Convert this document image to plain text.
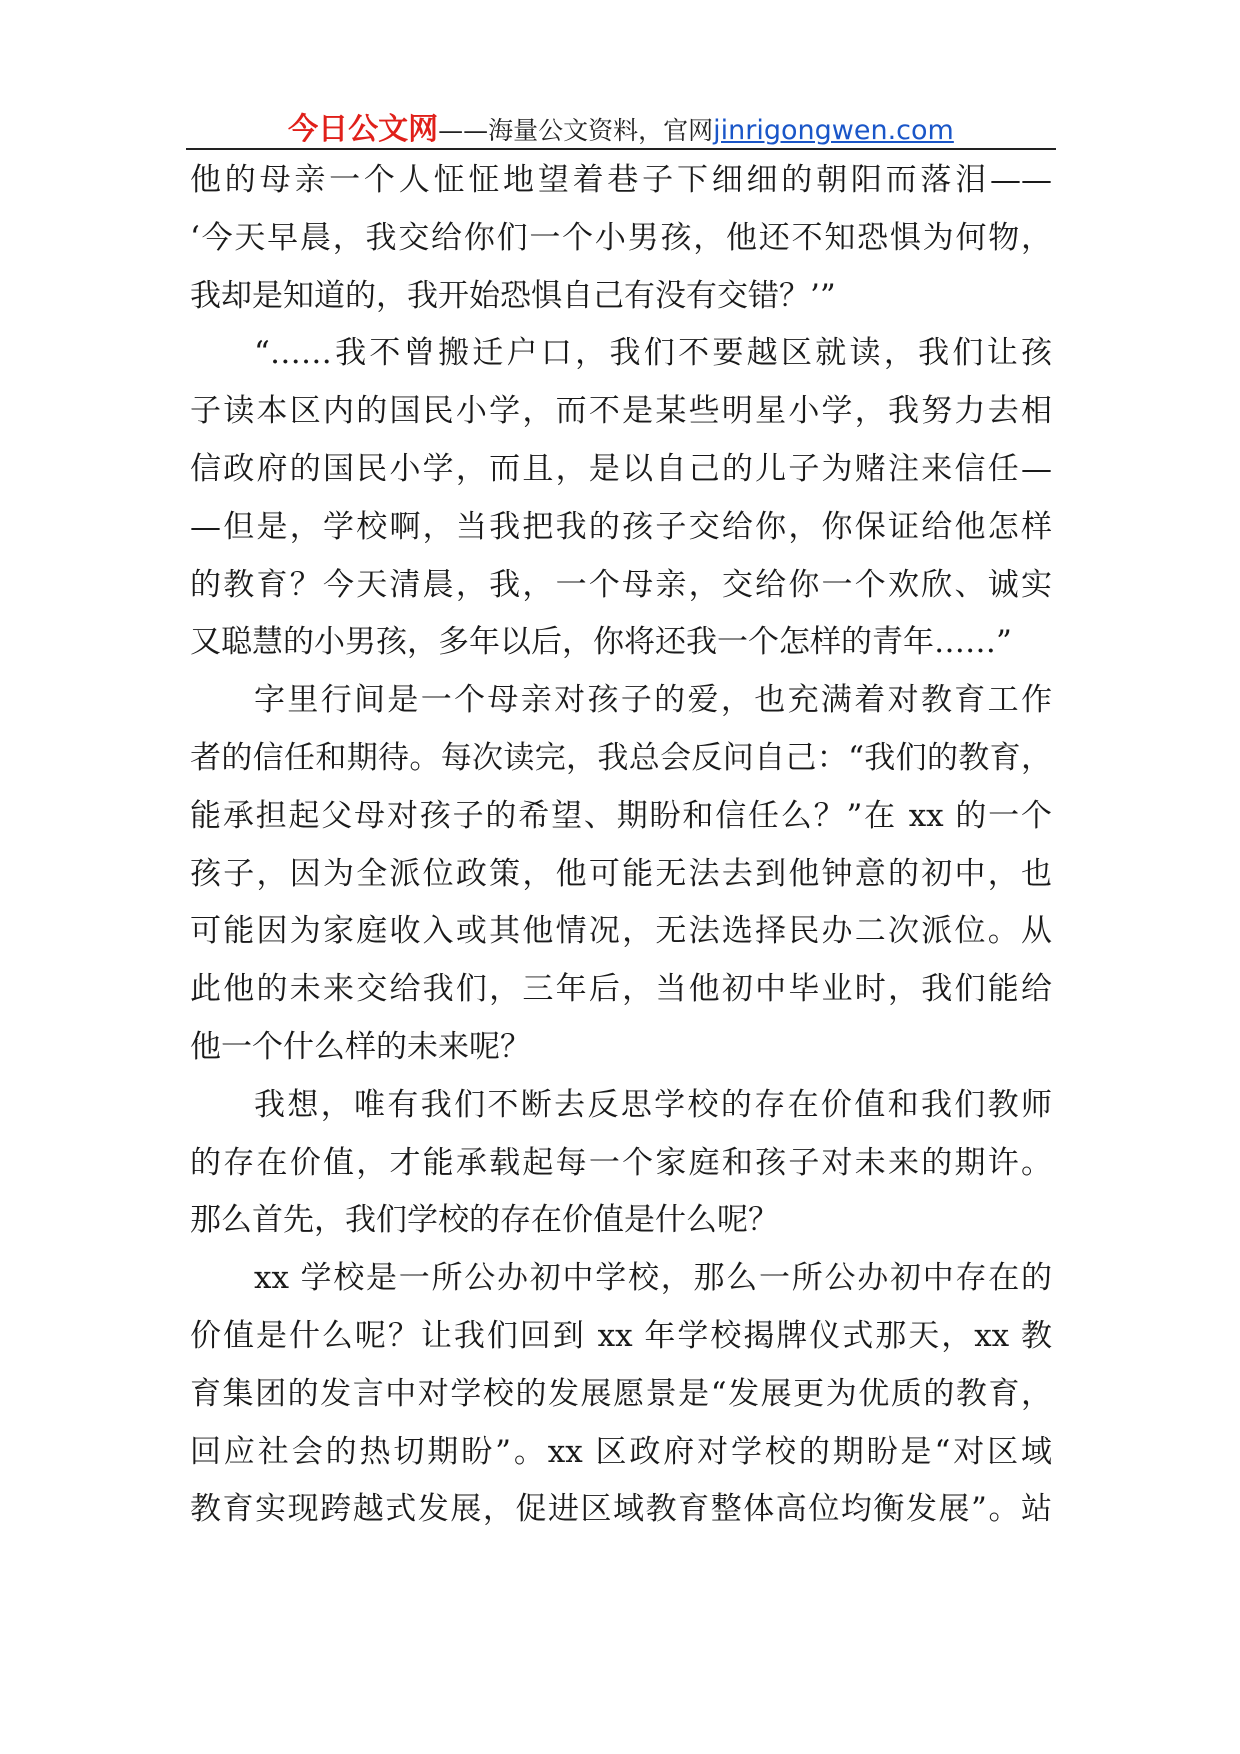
今日公文网——海量公文资料，官网jinrigongwen.com
他的母亲一个人怔怔地望着巷子下细细的朝阳而落泪——
‘今天早晨，我交给你们一个小男孩，他还不知恐惧为何物，
我却是知道的，我开始恐惧自己有没有交错？’”
“……我不曾搬迁户口，我们不要越区就读，我们让孩
子读本区内的国民小学，而不是某些明星小学，我努力去相
信政府的国民小学，而且，是以自己的儿子为赌注来信任—
—但是，学校啊，当我把我的孩子交给你，你保证给他怎样
的教育？今天清晨，我，一个母亲，交给你一个欢欣、诚实
又聪慧的小男孩，多年以后，你将还我一个怎样的青年……”
字里行间是一个母亲对孩子的爱，也充满着对教育工作
者的信任和期待。每次读完，我总会反问自己：“我们的教育，
能承担起父母对孩子的希望、期盼和信任么？”在 xx 的一个
孩子，因为全派位政策，他可能无法去到他钟意的初中，也
可能因为家庭收入或其他情况，无法选择民办二次派位。从
此他的未来交给我们，三年后，当他初中毕业时，我们能给
他一个什么样的未来呢？
我想，唯有我们不断去反思学校的存在价值和我们教师
的存在价值，才能承载起每一个家庭和孩子对未来的期许。
那么首先，我们学校的存在价值是什么呢？
xx 学校是一所公办初中学校，那么一所公办初中存在的
价值是什么呢？让我们回到 xx 年学校揭牌仪式那天，xx 教
育集团的发言中对学校的发展愿景是“发展更为优质的教育，
回应社会的热切期盼”。xx 区政府对学校的期盼是“对区域
教育实现跨越式发展，促进区域教育整体高位均衡发展”。站
